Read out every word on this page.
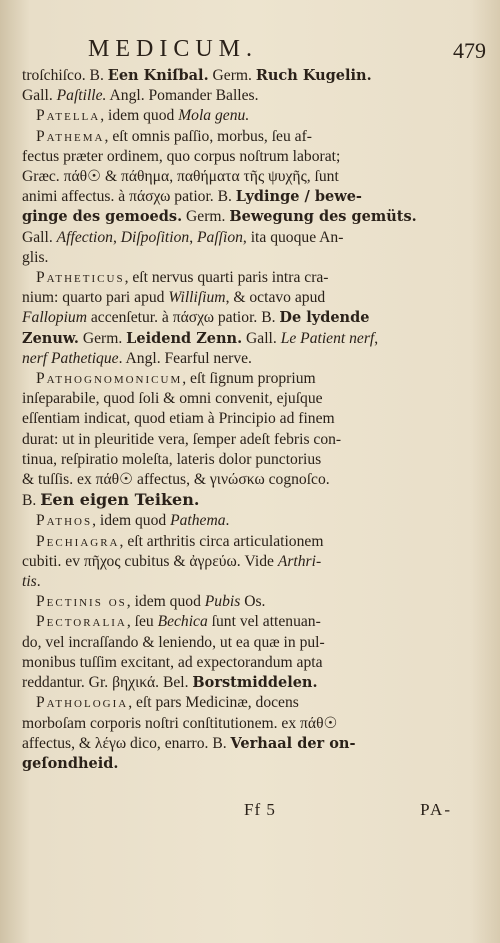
MEDICUM.	479
troſchiſco. B. Een Kniſbal. Germ. Ruch Kugelin.
Gall. Paſtille. Angl. Pomander Balles.
Patella, idem quod Mola genu.
Pathema, eſt omnis paſſio, morbus, ſeu af-
fectus præter ordinem, quo corpus noſtrum laborat;
Græc. πάθ☉ & πάθημα, παθήματα τῆς ψυχῆς, ſunt
animi affectus. à πάσχω patior. B. Lydinge / bewe-
ginge des gemoeds. Germ. Bewegung des gemüts.
Gall. Affection, Diſpoſition, Paſſion, ita quoque An-
glis.
Patheticus, eſt nervus quarti paris intra cra-
nium: quarto pari apud Williſium, & octavo apud
Fallopium accenſetur. à πάσχω patior. B. De lydende
Zenuw. Germ. Leidend Zenn. Gall. Le Patient nerf,
nerf Pathetique. Angl. Fearful nerve.
Pathognomonicum, eſt ſignum proprium
inſeparabile, quod ſoli & omni convenit, ejuſque
eſſentiam indicat, quod etiam à Principio ad finem
durat: ut in pleuritide vera, ſemper adeſt febris con-
tinua, reſpiratio moleſta, lateris dolor punctorius
& tuſſis. ex πάθ☉ affectus, & γινώσκω cognoſco.
B. Een eigen Teiken.
Pathos, idem quod Pathema.
Pechiagra, eſt arthritis circa articulationem
cubiti. ev πῆχος cubitus & ἀγρεύω. Vide Arthri-
tis.
Pectinis os, idem quod Pubis Os.
Pectoralia, ſeu Bechica ſunt vel attenuan-
do, vel incraſſando & leniendo, ut ea quæ in pul-
monibus tuſſim excitant, ad expectorandum apta
reddantur. Gr. βηχικά. Bel. Borstmiddelen.
Pathologia, eſt pars Medicinæ, docens
morboſam corporis noſtri conſtitutionem. ex πάθ☉
affectus, & λέγω dico, enarro. B. Verhaal der on-
geſondheid.
Ff 5	PA-
